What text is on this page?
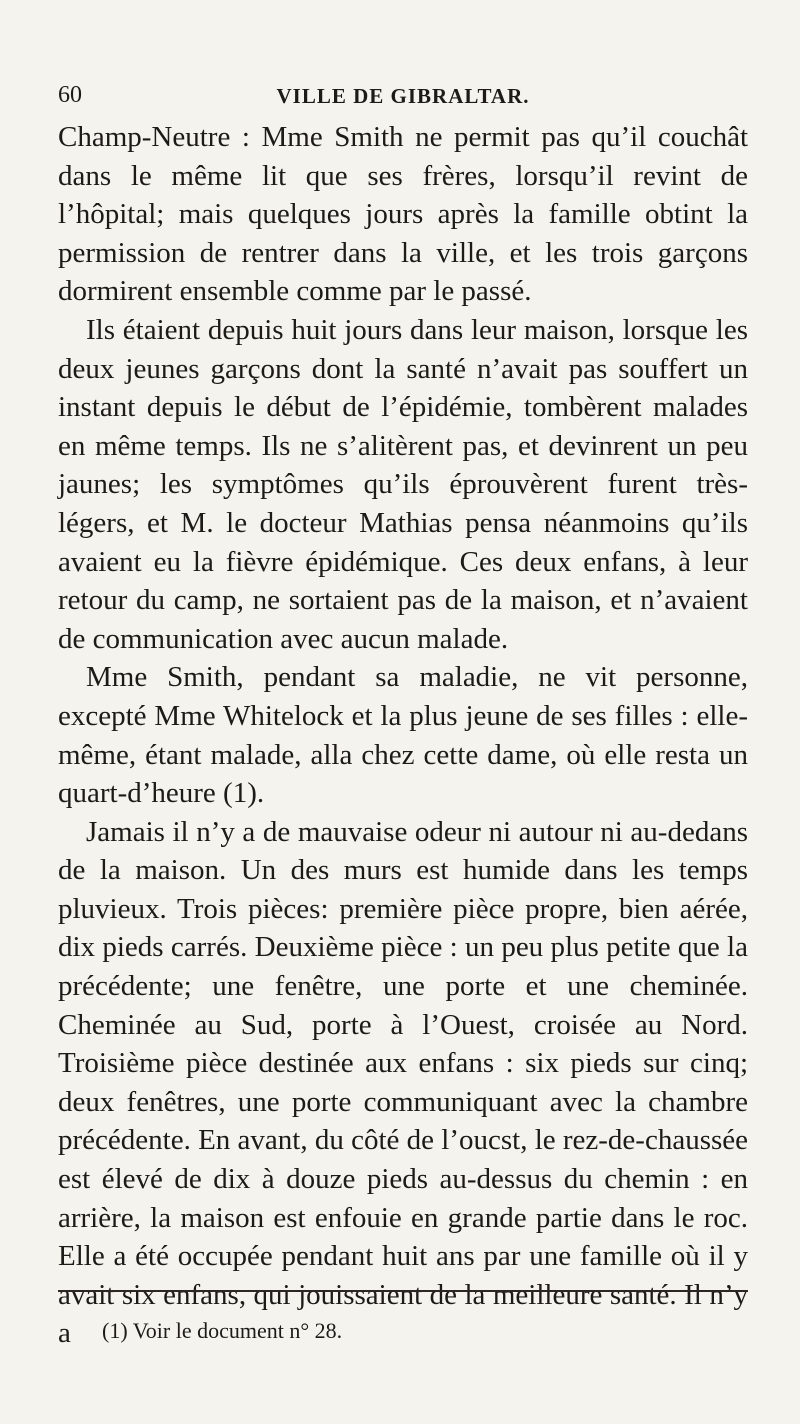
60	VILLE DE GIBRALTAR.

Champ-Neutre : Mme Smith ne permit pas qu’il couchât dans le même lit que ses frères, lorsqu’il revint de l’hôpital; mais quelques jours après la famille obtint la permission de rentrer dans la ville, et les trois garçons dormirent ensemble comme par le passé.

Ils étaient depuis huit jours dans leur maison, lorsque les deux jeunes garçons dont la santé n’avait pas souffert un instant depuis le début de l’épidémie, tombèrent malades en même temps. Ils ne s’alitèrent pas, et devinrent un peu jaunes; les symptômes qu’ils éprouvèrent furent très-légers, et M. le docteur Mathias pensa néanmoins qu’ils avaient eu la fièvre épidémique. Ces deux enfans, à leur retour du camp, ne sortaient pas de la maison, et n’avaient de communication avec aucun malade.

Mme Smith, pendant sa maladie, ne vit personne, excepté Mme Whitelock et la plus jeune de ses filles : elle-même, étant malade, alla chez cette dame, où elle resta un quart-d’heure (1).

Jamais il n’y a de mauvaise odeur ni autour ni au-dedans de la maison. Un des murs est humide dans les temps pluvieux. Trois pièces: première pièce propre, bien aérée, dix pieds carrés. Deuxième pièce : un peu plus petite que la précédente; une fenêtre, une porte et une cheminée. Cheminée au Sud, porte à l’Ouest, croisée au Nord. Troisième pièce destinée aux enfans : six pieds sur cinq; deux fenêtres, une porte communiquant avec la chambre précédente. En avant, du côté de l’oucst, le rez-de-chaussée est élevé de dix à douze pieds au-dessus du chemin : en arrière, la maison est enfouie en grande partie dans le roc. Elle a été occupée pendant huit ans par une famille où il y avait six enfans, qui jouissaient de la meilleure santé. Il n’y a	(1) Voir le document n° 28.
